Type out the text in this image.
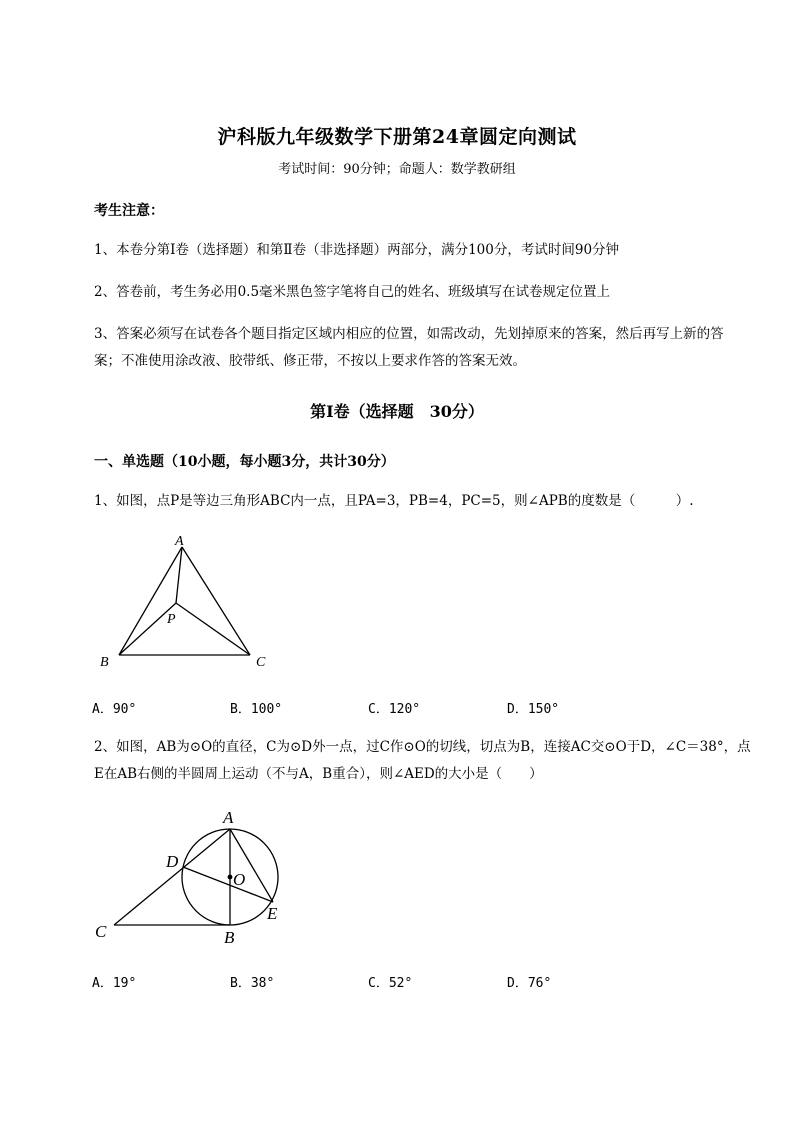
沪科版九年级数学下册第24章圆定向测试
考试时间：90分钟；命题人：数学教研组
考生注意：
1、本卷分第Ⅰ卷（选择题）和第Ⅱ卷（非选择题）两部分，满分100分，考试时间90分钟
2、答卷前，考生务必用0.5毫米黑色签字笔将自己的姓名、班级填写在试卷规定位置上
3、答案必须写在试卷各个题目指定区域内相应的位置，如需改动，先划掉原来的答案，然后再写上新的答案；不准使用涂改液、胶带纸、修正带，不按以上要求作答的答案无效。
第Ⅰ卷（选择题　30分）
一、单选题（10小题，每小题3分，共计30分）
1、如图，点P是等边三角形ABC内一点，且PA=3，PB=4，PC=5，则∠APB的度数是（　　　）.
A
B	C
P
A．90°	B．100°	C．120°	D．150°
2、如图，AB为⊙O的直径，C为⊙D外一点，过C作⊙O的切线，切点为B，连接AC交⊙O于D，∠C＝38°，点E在AB右侧的半圆周上运动（不与A，B重合），则∠AED的大小是（　　）
A
D
O
E
C	B
A．19°	B．38°	C．52°	D．76°
